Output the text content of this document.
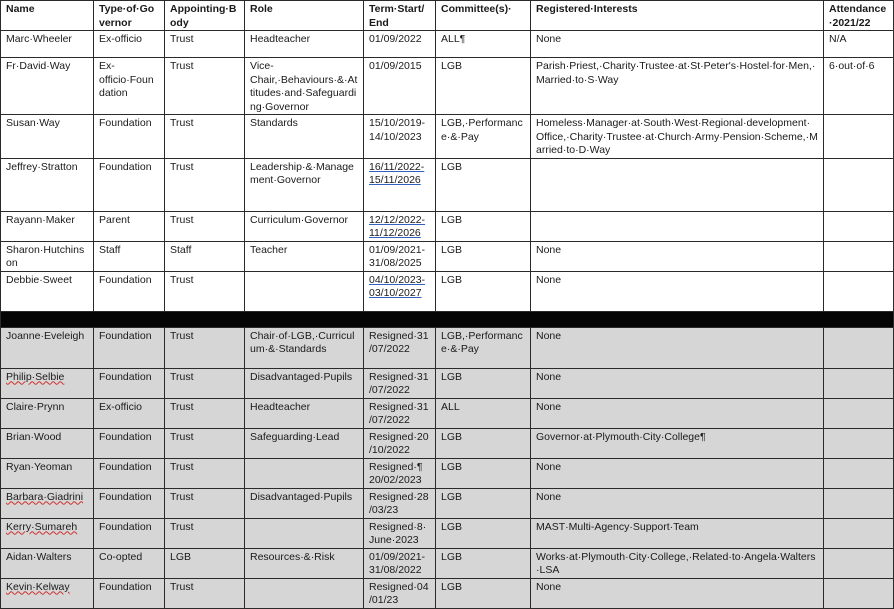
Name	Type·of·Governor	Appointing·Body	Role	Term·Start/End	Committee(s)·	Registered·Interests	Attendance·2021/22
Marc·Wheeler	Ex-officio	Trust	Headteacher	01/09/2022	ALL¶	None	N/A
Fr·David·Way	Ex-officio·Foundation	Trust	Vice-Chair,·Behaviours·&·Attitudes·and·Safeguarding·Governor	01/09/2015	LGB	Parish·Priest,·Charity·Trustee·at·St·Peter's·Hostel·for·Men,·Married·to·S·Way	6·out·of·6
Susan·Way	Foundation	Trust	Standards	15/10/2019-14/10/2023	LGB,·Performance·&·Pay	Homeless·Manager·at·South·West·Regional·development·Office,·Charity·Trustee·at·Church·Army·Pension·Scheme,·Married·to·D·Way	
Jeffrey·Stratton	Foundation	Trust	Leadership·&·Management·Governor	16/11/2022-15/11/2026	LGB		
Rayann·Maker	Parent	Trust	Curriculum·Governor	12/12/2022-11/12/2026	LGB		
Sharon·Hutchinson	Staff	Staff	Teacher	01/09/2021-31/08/2025	LGB	None	
Debbie·Sweet	Foundation	Trust		04/10/2023-03/10/2027	LGB	None	

Joanne·Eveleigh	Foundation	Trust	Chair·of·LGB,·Curriculum·&·Standards	Resigned·31/07/2022	LGB,·Performance·&·Pay	None	
Philip·Selbie	Foundation	Trust	Disadvantaged·Pupils	Resigned·31/07/2022	LGB	None	
Claire·Prynn	Ex-officio	Trust	Headteacher	Resigned·31/07/2022	ALL	None	
Brian·Wood	Foundation	Trust	Safeguarding·Lead	Resigned·20/10/2022	LGB	Governor·at·Plymouth·City·College¶	
Ryan·Yeoman	Foundation	Trust		Resigned·¶ 20/02/2023	LGB	None	
Barbara·Giadrini	Foundation	Trust	Disadvantaged·Pupils	Resigned·28/03/23	LGB	None	
Kerry·Sumareh	Foundation	Trust		Resigned·8·June·2023	LGB	MAST·Multi-Agency·Support·Team	
Aidan·Walters	Co-opted	LGB	Resources·&·Risk	01/09/2021-31/08/2022	LGB	Works·at·Plymouth·City·College,·Related·to·Angela·Walters·LSA	
Kevin·Kelway	Foundation	Trust		Resigned·04/01/23	LGB	None	
